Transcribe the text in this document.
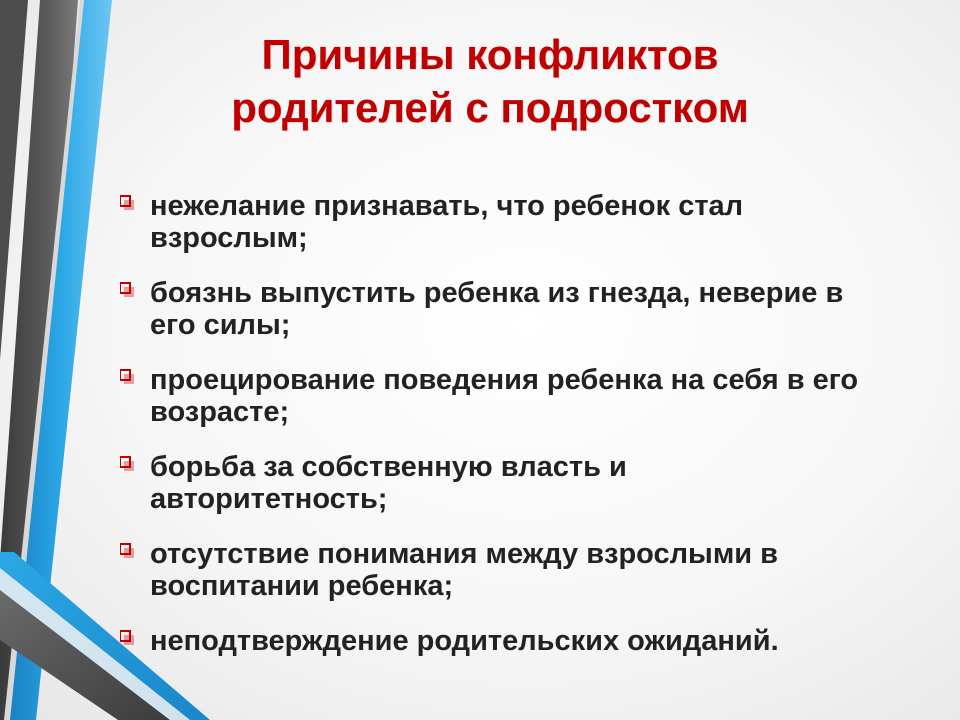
Причины конфликтов
родителей с подростком
нежелание признавать, что ребенок стал
взрослым;
боязнь выпустить ребенка из гнезда, неверие в
его силы;
проецирование поведения ребенка на себя в его
возрасте;
борьба за собственную власть и
авторитетность;
отсутствие понимания между взрослыми в
воспитании ребенка;
неподтверждение родительских ожиданий.
